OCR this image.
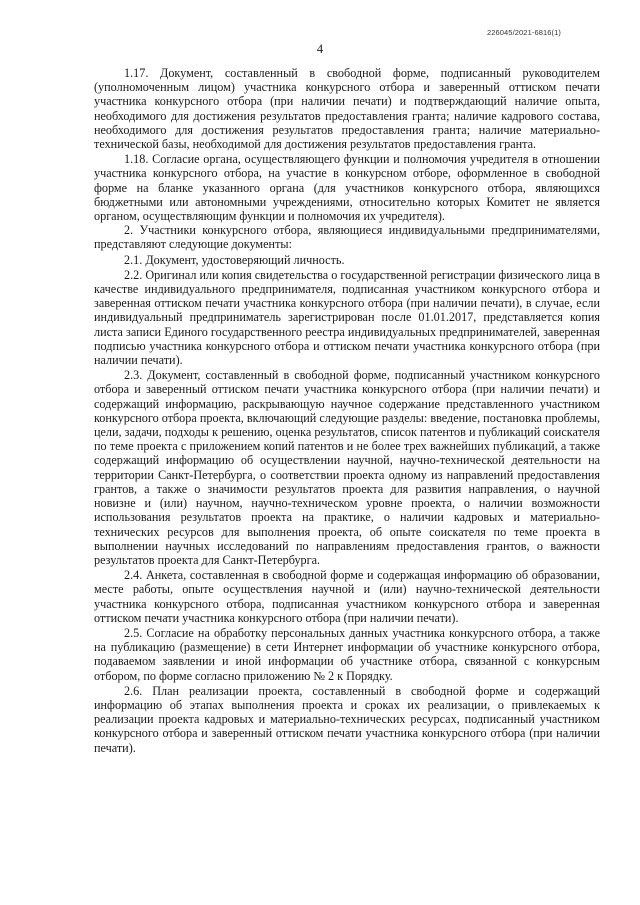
226045/2021-6816(1)
4

1.17. Документ, составленный в свободной форме, подписанный руководителем (уполномоченным лицом) участника конкурсного отбора и заверенный оттиском печати участника конкурсного отбора (при наличии печати) и подтверждающий наличие опыта, необходимого для достижения результатов предоставления гранта; наличие кадрового состава, необходимого для достижения результатов предоставления гранта; наличие материально-технической базы, необходимой для достижения результатов предоставления гранта.

1.18. Согласие органа, осуществляющего функции и полномочия учредителя в отношении участника конкурсного отбора, на участие в конкурсном отборе, оформленное в свободной форме на бланке указанного органа (для участников конкурсного отбора, являющихся бюджетными или автономными учреждениями, относительно которых Комитет не является органом, осуществляющим функции и полномочия их учредителя).

2. Участники конкурсного отбора, являющиеся индивидуальными предпринимателями, представляют следующие документы:

2.1. Документ, удостоверяющий личность.

2.2. Оригинал или копия свидетельства о государственной регистрации физического лица в качестве индивидуального предпринимателя, подписанная участником конкурсного отбора и заверенная оттиском печати участника конкурсного отбора (при наличии печати), в случае, если индивидуальный предприниматель зарегистрирован после 01.01.2017, представляется копия листа записи Единого государственного реестра индивидуальных предпринимателей, заверенная подписью участника конкурсного отбора и оттиском печати участника конкурсного отбора (при наличии печати).

2.3. Документ, составленный в свободной форме, подписанный участником конкурсного отбора и заверенный оттиском печати участника конкурсного отбора (при наличии печати) и содержащий информацию, раскрывающую научное содержание представленного участником конкурсного отбора проекта, включающий следующие разделы: введение, постановка проблемы, цели, задачи, подходы к решению, оценка результатов, список патентов и публикаций соискателя по теме проекта с приложением копий патентов и не более трех важнейших публикаций, а также содержащий информацию об осуществлении научной, научно-технической деятельности на территории Санкт-Петербурга, о соответствии проекта одному из направлений предоставления грантов, а также о значимости результатов проекта для развития направления, о научной новизне и (или) научном, научно-техническом уровне проекта, о наличии возможности использования результатов проекта на практике, о наличии кадровых и материально-технических ресурсов для выполнения проекта, об опыте соискателя по теме проекта в выполнении научных исследований по направлениям предоставления грантов, о важности результатов проекта для Санкт-Петербурга.

2.4. Анкета, составленная в свободной форме и содержащая информацию об образовании, месте работы, опыте осуществления научной и (или) научно-технической деятельности участника конкурсного отбора, подписанная участником конкурсного отбора и заверенная оттиском печати участника конкурсного отбора (при наличии печати).

2.5. Согласие на обработку персональных данных участника конкурсного отбора, а также на публикацию (размещение) в сети Интернет информации об участнике конкурсного отбора, подаваемом заявлении и иной информации об участнике отбора, связанной с конкурсным отбором, по форме согласно приложению № 2 к Порядку.

2.6. План реализации проекта, составленный в свободной форме и содержащий информацию об этапах выполнения проекта и сроках их реализации, о привлекаемых к реализации проекта кадровых и материально-технических ресурсах, подписанный участником конкурсного отбора и заверенный оттиском печати участника конкурсного отбора (при наличии печати).
